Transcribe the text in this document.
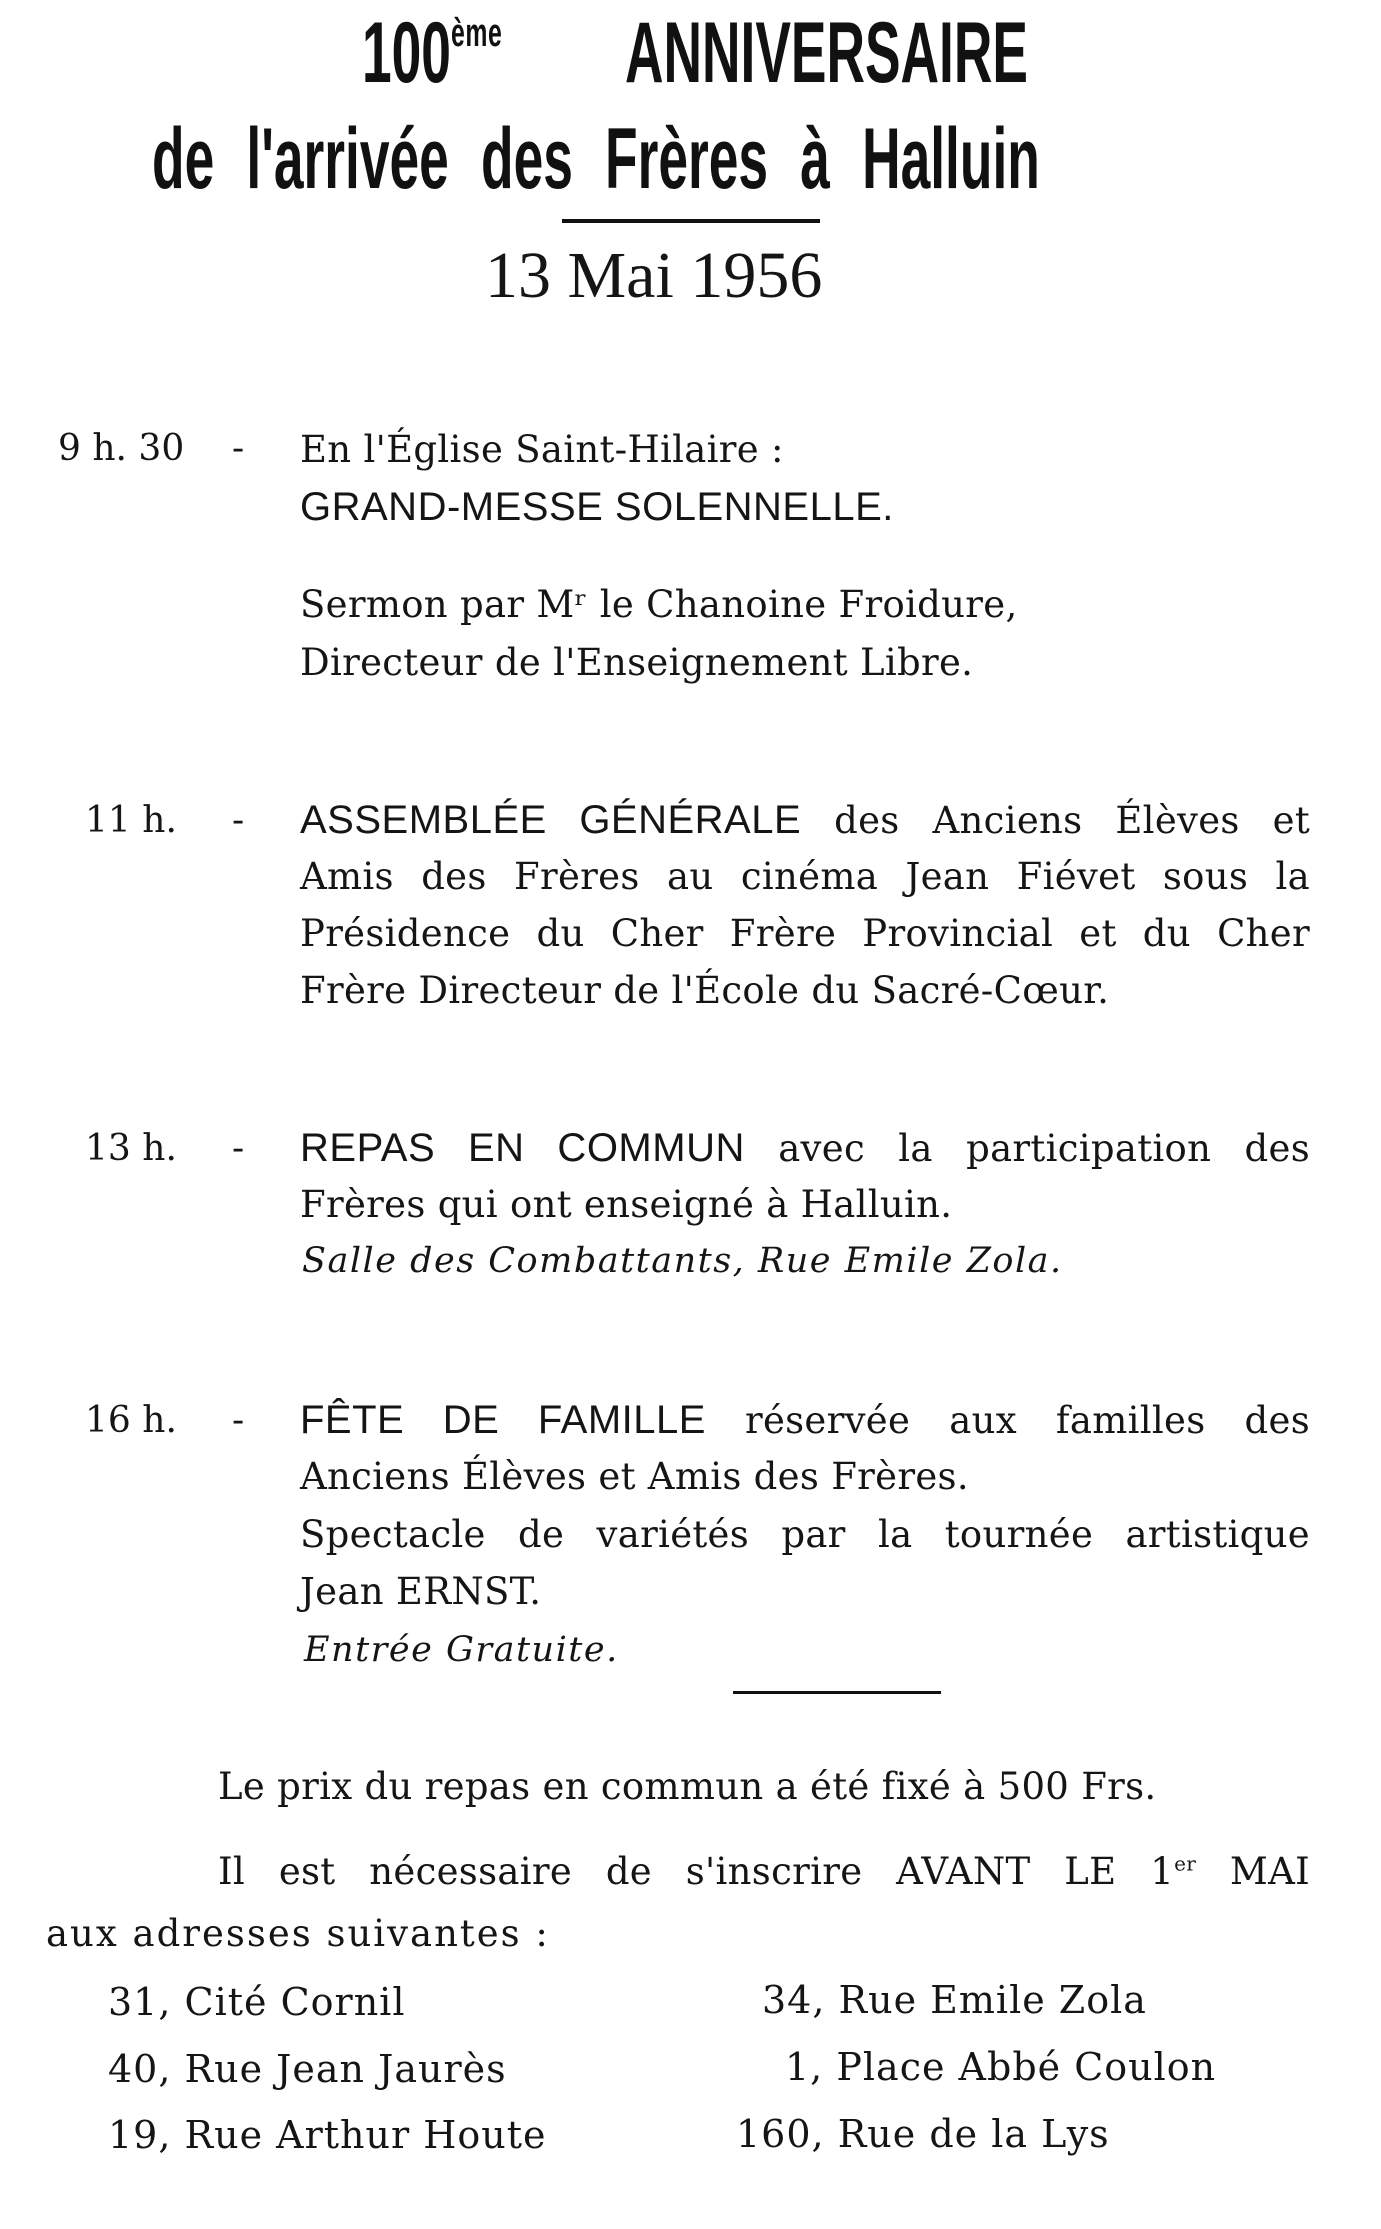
100ème ANNIVERSAIRE
de l'arrivée des Frères à Halluin
13 Mai 1956
9 h. 30 - En l'Église Saint-Hilaire :
GRAND-MESSE SOLENNELLE.
Sermon par Mʳ le Chanoine Froidure,
Directeur de l'Enseignement Libre.
11 h. - ASSEMBLÉE GÉNÉRALE des Anciens Élèves et
Amis des Frères au cinéma Jean Fiévet sous la
Présidence du Cher Frère Provincial et du Cher
Frère Directeur de l'École du Sacré-Cœur.
13 h. - REPAS EN COMMUN avec la participation des
Frères qui ont enseigné à Halluin.
Salle des Combattants, Rue Emile Zola.
16 h. - FÊTE DE FAMILLE réservée aux familles des
Anciens Élèves et Amis des Frères.
Spectacle de variétés par la tournée artistique
Jean ERNST.
Entrée Gratuite.
Le prix du repas en commun a été fixé à 500 Frs.
Il est nécessaire de s'inscrire AVANT LE 1er MAI
aux adresses suivantes :
31, Cité Cornil
40, Rue Jean Jaurès
19, Rue Arthur Houte
34, Rue Emile Zola
1, Place Abbé Coulon
160, Rue de la Lys
